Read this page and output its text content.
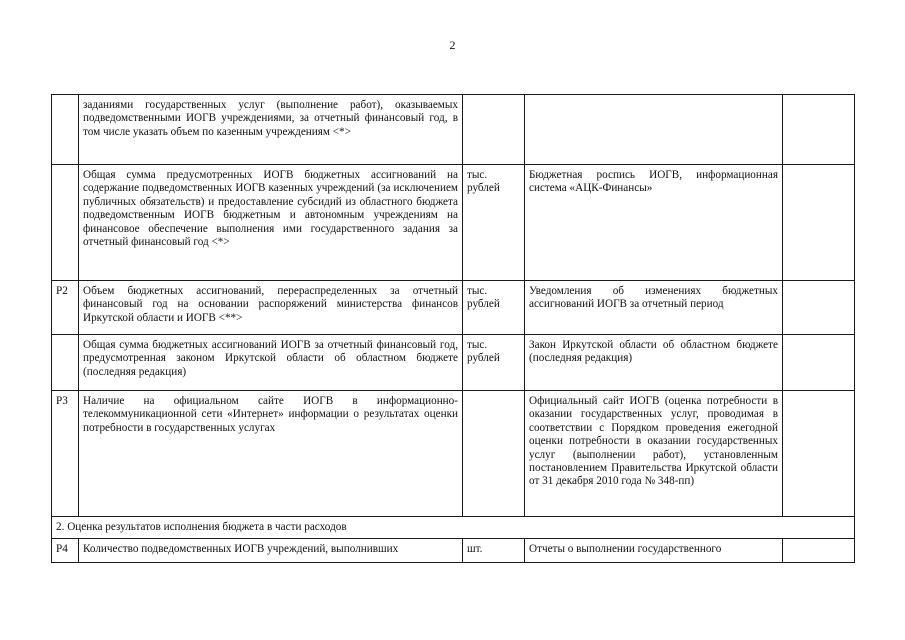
2
	заданиями государственных услуг (выполнение работ), оказываемых подведомственными ИОГВ учреждениями, за отчетный финансовый год, в том числе указать объем по казенным учреждениям <*>			
	Общая сумма предусмотренных ИОГВ бюджетных ассигнований на содержание подведомственных ИОГВ казенных учреждений (за исключением публичных обязательств) и предоставление субсидий из областного бюджета подведомственным ИОГВ бюджетным и автономным учреждениям на финансовое обеспечение выполнения ими государственного задания за отчетный финансовый год <*>	тыс. рублей	Бюджетная роспись ИОГВ, информационная система «АЦК-Финансы»	
Р2	Объем бюджетных ассигнований, перераспределенных за отчетный финансовый год на основании распоряжений министерства финансов Иркутской области и ИОГВ <**>	тыс. рублей	Уведомления об изменениях бюджетных ассигнований ИОГВ за отчетный период	
	Общая сумма бюджетных ассигнований ИОГВ за отчетный финансовый год, предусмотренная законом Иркутской области об областном бюджете (последняя редакция)	тыс. рублей	Закон Иркутской области об областном бюджете (последняя редакция)	
Р3	Наличие на официальном сайте ИОГВ в информационно-телекоммуникационной сети «Интернет» информации о результатах оценки потребности в государственных услугах		Официальный сайт ИОГВ (оценка потребности в оказании государственных услуг, проводимая в соответствии с Порядком проведения ежегодной оценки потребности в оказании государственных услуг (выполнении работ), установленным постановлением Правительства Иркутской области от 31 декабря 2010 года № 348-пп)	
2. Оценка результатов исполнения бюджета в части расходов				
Р4	Количество подведомственных ИОГВ учреждений, выполнивших	шт.	Отчеты о выполнении государственного	
